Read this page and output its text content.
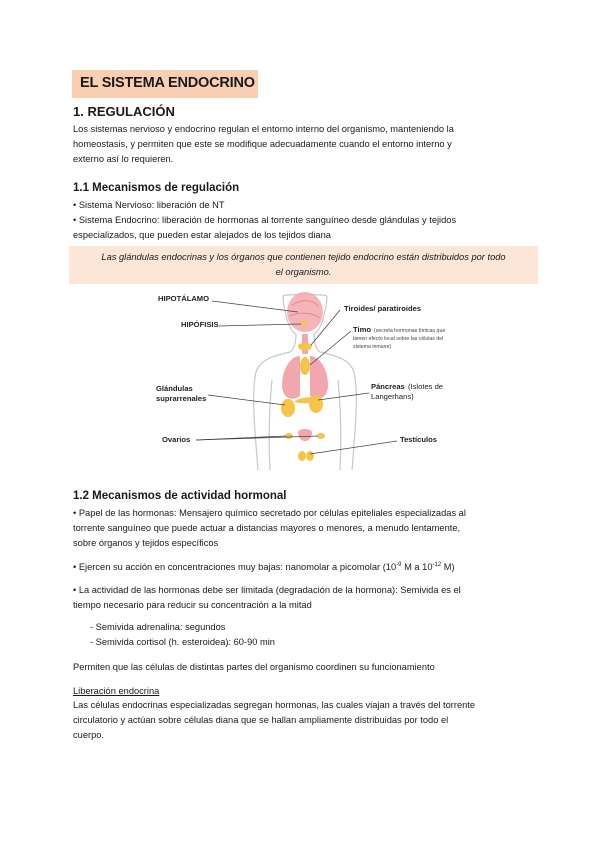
EL SISTEMA ENDOCRINO
1. REGULACIÓN
Los sistemas nervioso y endocrino regulan el entorno interno del organismo, manteniendo la
homeostasis, y permiten que este se modifique adecuadamente cuando el entorno interno y
externo así lo requieren.
1.1 Mecanismos de regulación
• Sistema Nervioso: liberación de NT
• Sistema Endocrino: liberación de hormonas al torrente sanguíneo desde glándulas y tejidos
especializados, que pueden estar alejados de los tejidos diana
Las glándulas endocrinas y los órganos que contienen tejido endocrino están distribuidos por todo
el organismo.
HIPOTÁLAMO
HIPÓFISIS
Tiroides/ paratiroides
Timo (secreta hormonas tímicas que
tienen efecto local sobre las células del
sistema inmune)
Glándulas
suprarrenales
Páncreas (Islotes de
Langerhans)
Ovarios	Testículos
1.2 Mecanismos de actividad hormonal
• Papel de las hormonas: Mensajero químico secretado por células epiteliales especializadas al
torrente sanguíneo que puede actuar a distancias mayores o menores, a menudo lentamente,
sobre órganos y tejidos específicos
• Ejercen su acción en concentraciones muy bajas: nanomolar a picomolar ($10^{-9}$ M a $10^{-12}$ M)
• La actividad de las hormonas debe ser limitada (degradación de la hormona): Semivida es el
tiempo necesario para reducir su concentración a la mitad
- Semivida adrenalina: segundos
- Semivida cortisol (h. esteroidea): 60-90 min
Permiten que las células de distintas partes del organismo coordinen su funcionamiento
Liberación endocrina
Las células endocrinas especializadas segregan hormonas, las cuales viajan a través del torrente
circulatorio y actúan sobre células diana que se hallan ampliamente distribuidas por todo el
cuerpo.
